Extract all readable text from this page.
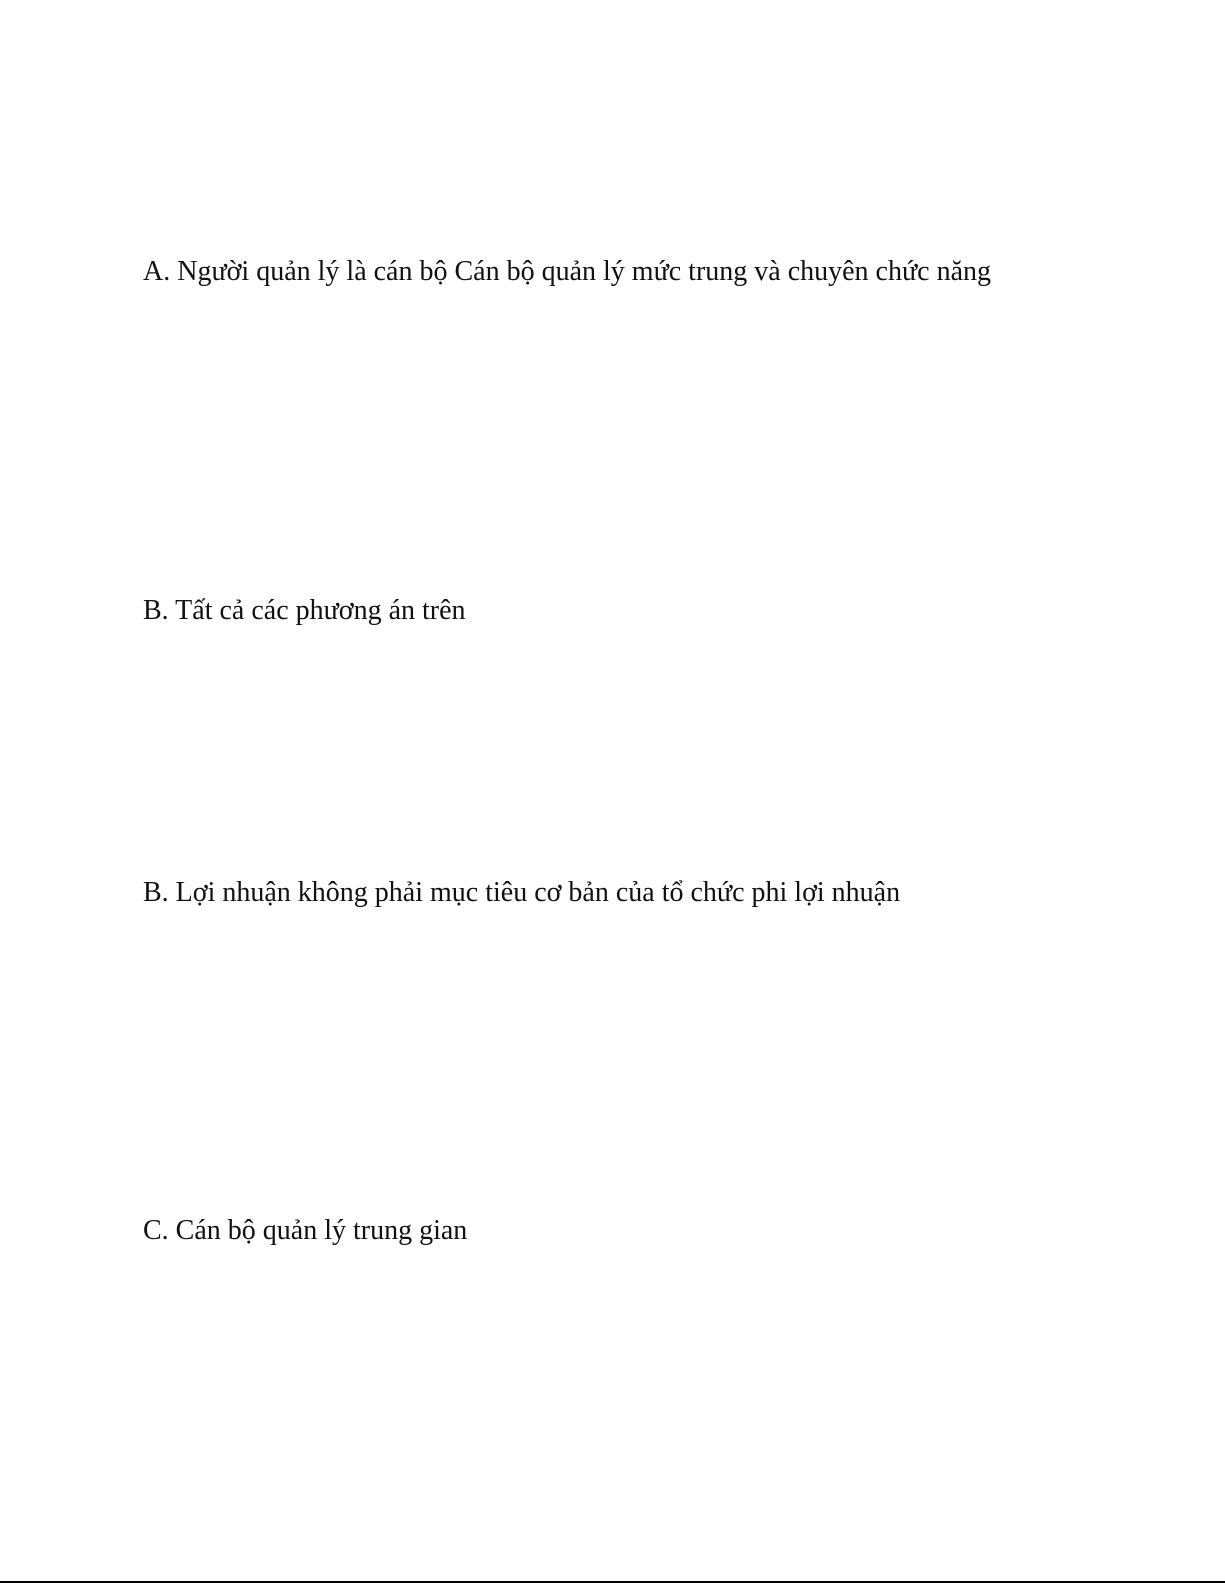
A. Người quản lý là cán bộ Cán bộ quản lý mức trung và chuyên chức năng

B. Tất cả các phương án trên

B. Lợi nhuận không phải mục tiêu cơ bản của tổ chức phi lợi nhuận

C. Cán bộ quản lý trung gian
